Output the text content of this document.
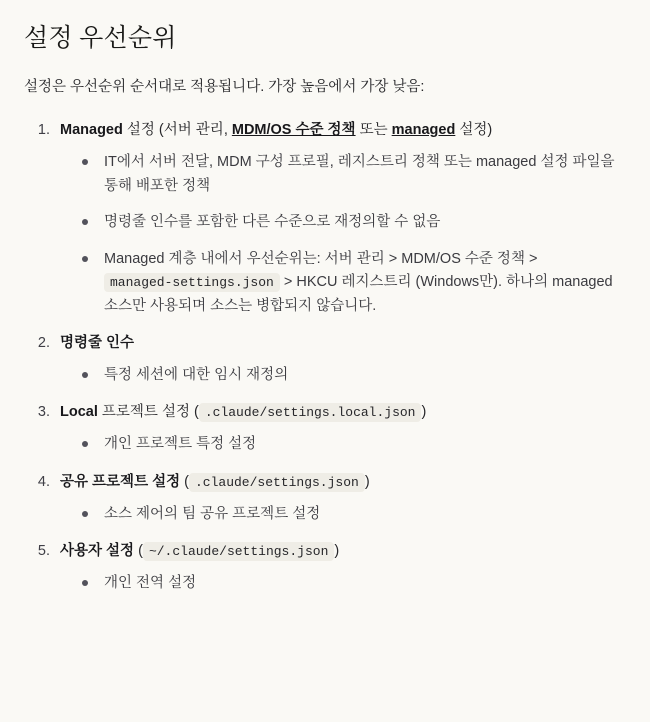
설정 우선순위

설정은 우선순위 순서대로 적용됩니다. 가장 높음에서 가장 낮음:

1. Managed 설정 (서버 관리, MDM/OS 수준 정책 또는 managed 설정)
IT에서 서버 전달, MDM 구성 프로필, 레지스트리 정책 또는 managed 설정 파일을 통해 배포한 정책
명령줄 인수를 포함한 다른 수준으로 재정의할 수 없음
Managed 계층 내에서 우선순위는: 서버 관리 > MDM/OS 수준 정책 > managed-settings.json > HKCU 레지스트리 (Windows만). 하나의 managed 소스만 사용되며 소스는 병합되지 않습니다.
2. 명령줄 인수
특정 세션에 대한 임시 재정의
3. Local 프로젝트 설정 ( .claude/settings.local.json )
개인 프로젝트 특정 설정
4. 공유 프로젝트 설정 ( .claude/settings.json )
소스 제어의 팀 공유 프로젝트 설정
5. 사용자 설정 ( ~/.claude/settings.json )
개인 전역 설정
